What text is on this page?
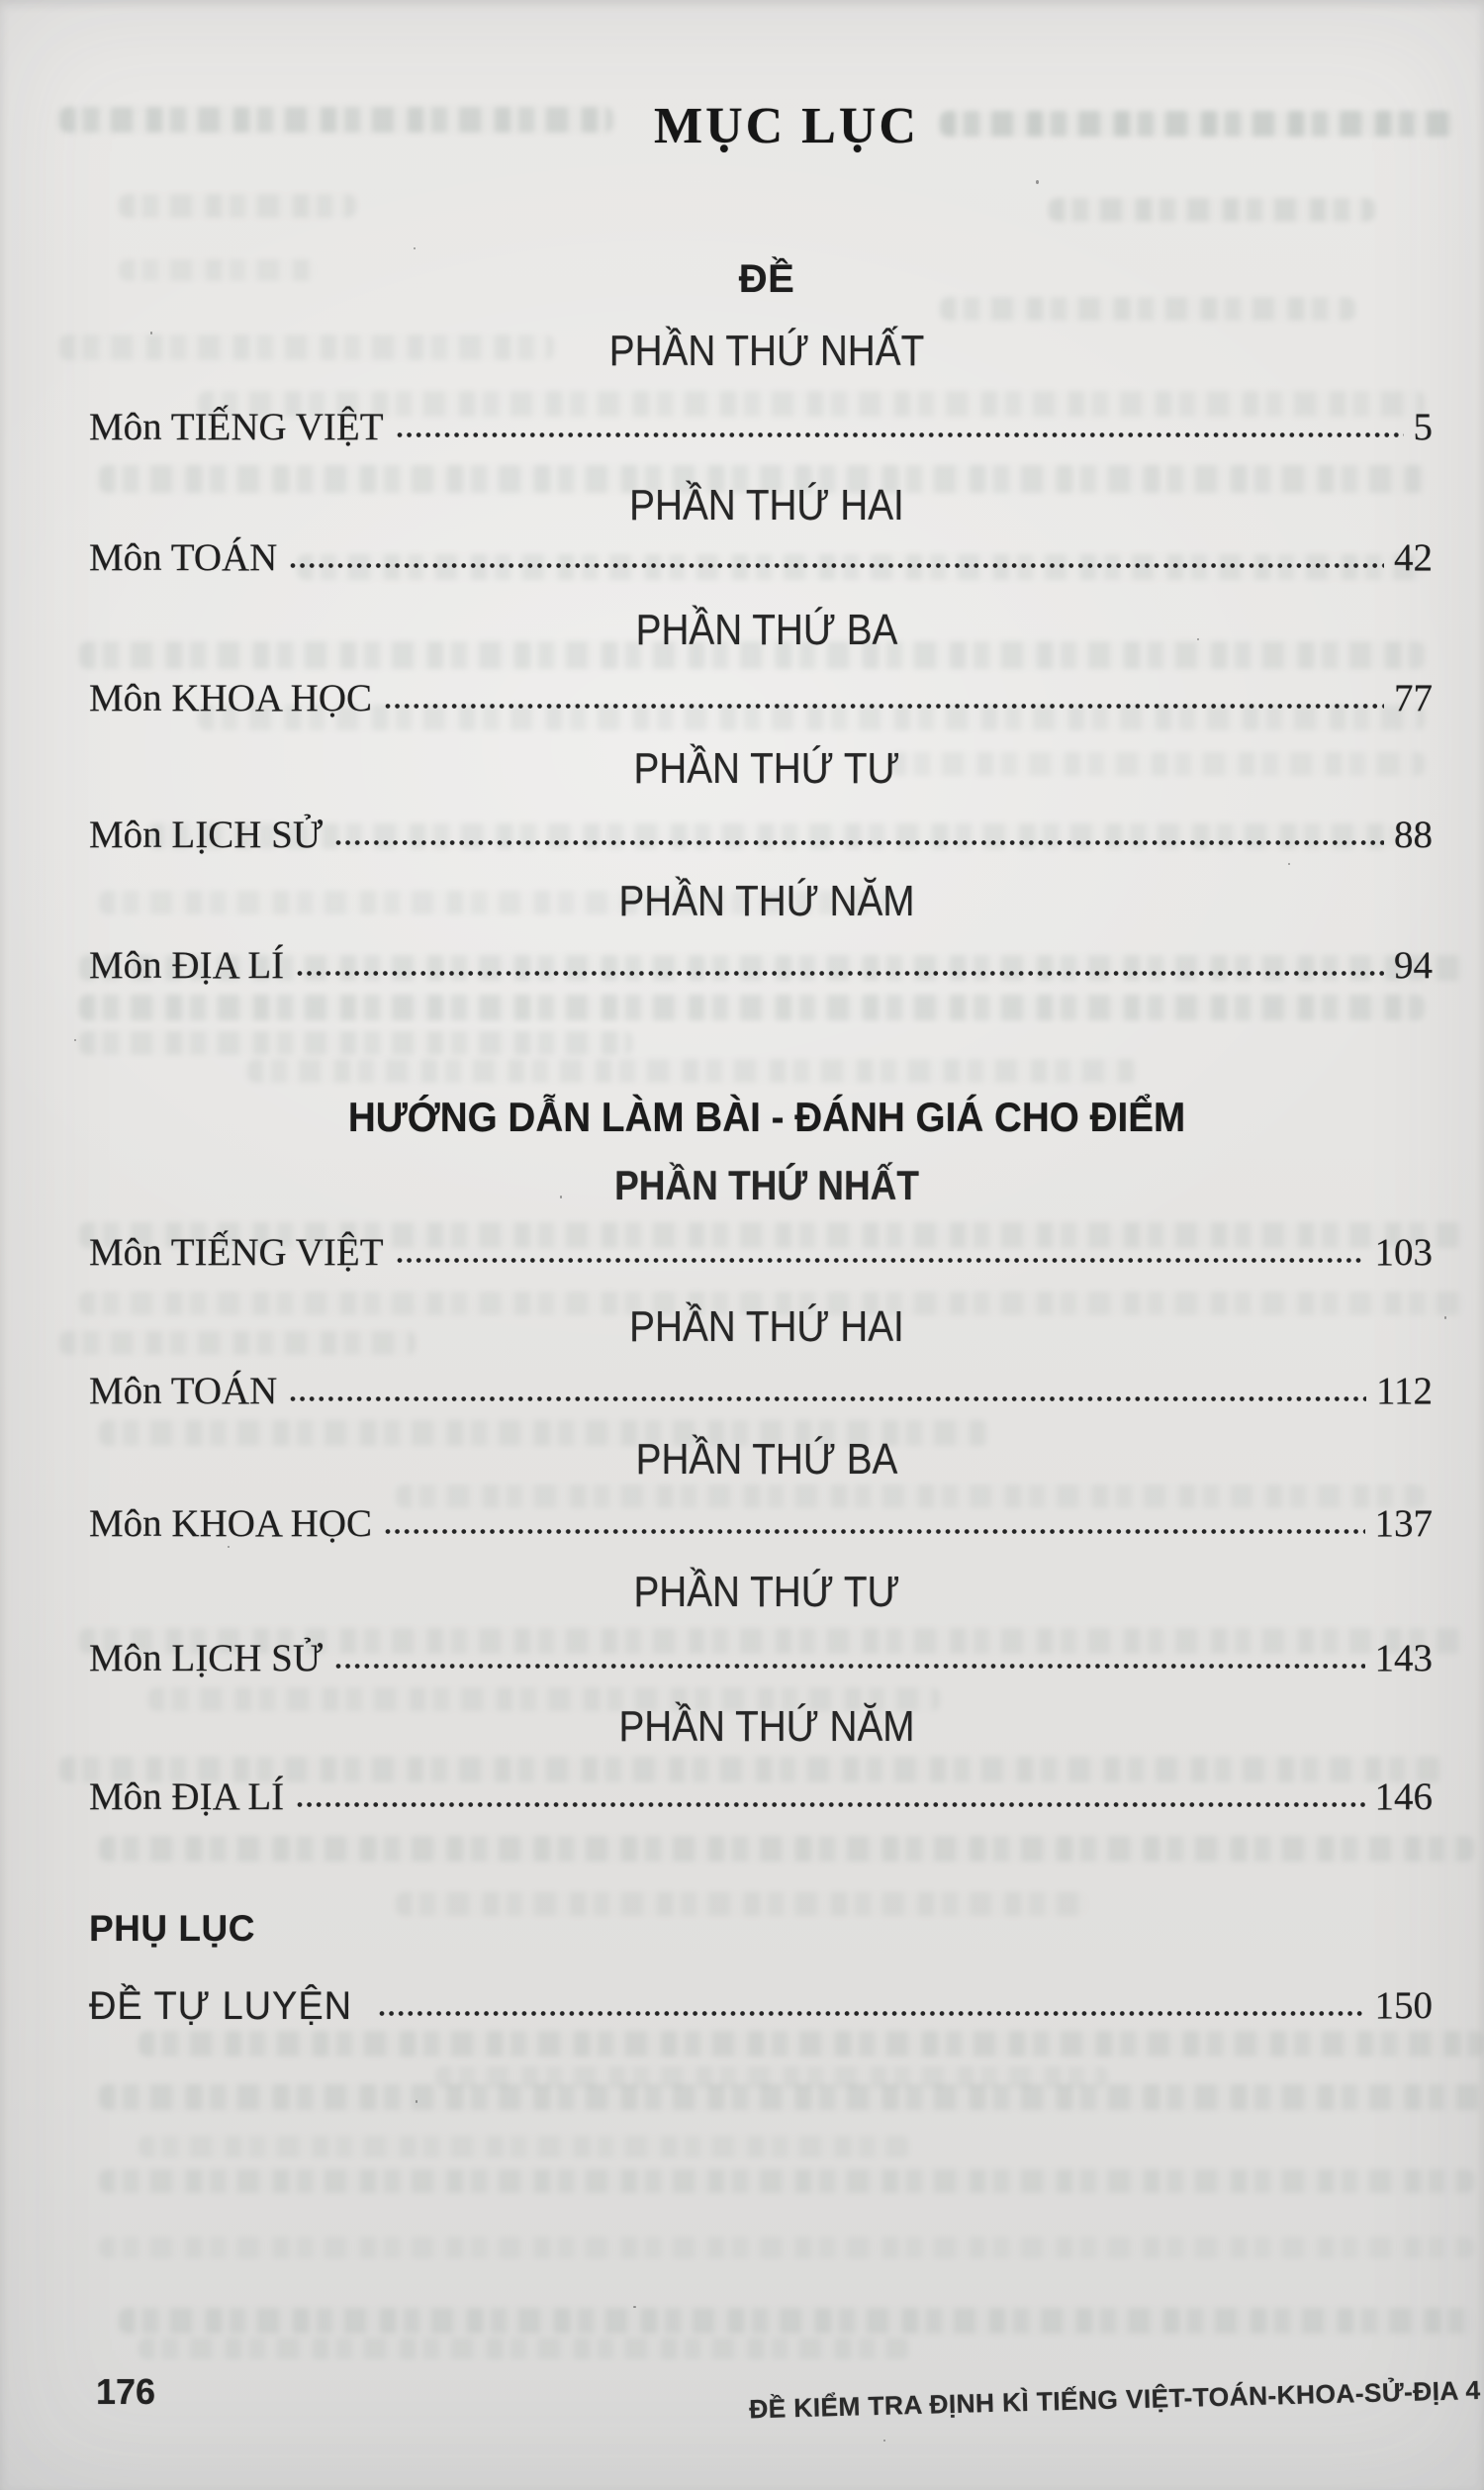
MỤC LỤC
ĐỀ
PHẦN THỨ NHẤT
Môn TIẾNG VIỆT	5
PHẦN THỨ HAI
Môn TOÁN	42
PHẦN THỨ BA
Môn KHOA HỌC	77
PHẦN THỨ TƯ
Môn LỊCH SỬ	88
PHẦN THỨ NĂM
Môn ĐỊA LÍ	94
HƯỚNG DẪN LÀM BÀI - ĐÁNH GIÁ CHO ĐIỂM
PHẦN THỨ NHẤT
Môn TIẾNG VIỆT	103
PHẦN THỨ HAI
Môn TOÁN	112
PHẦN THỨ BA
Môn KHOA HỌC	137
PHẦN THỨ TƯ
Môn LỊCH SỬ	143
PHẦN THỨ NĂM
Môn ĐỊA LÍ	146
PHỤ LỤC
ĐỀ TỰ LUYỆN	150
176	ĐỀ KIỂM TRA ĐỊNH KÌ TIẾNG VIỆT-TOÁN-KHOA-SỬ-ĐỊA 4
